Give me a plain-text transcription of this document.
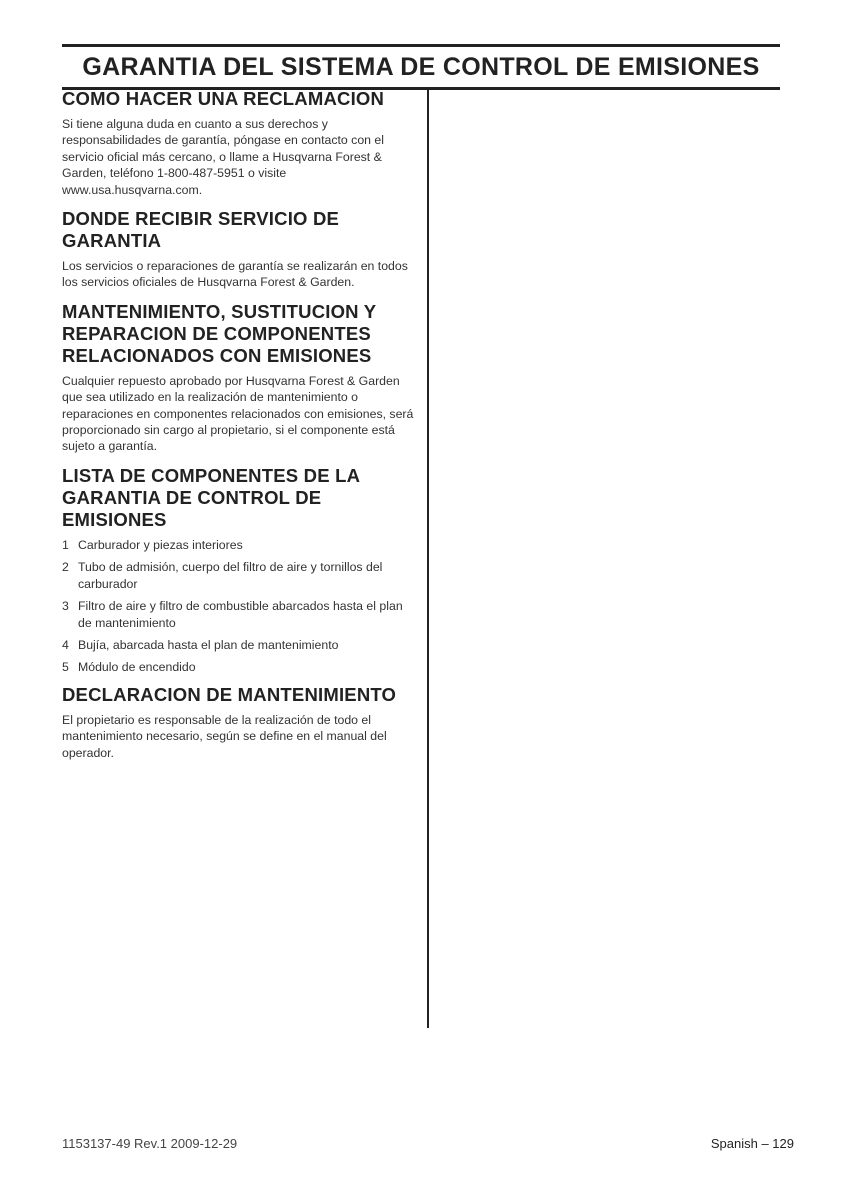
GARANTIA DEL SISTEMA DE CONTROL DE EMISIONES
COMO HACER UNA RECLAMACION

Si tiene alguna duda en cuanto a sus derechos y responsabilidades de garantía, póngase en contacto con el servicio oficial más cercano, o llame a Husqvarna Forest & Garden, teléfono 1-800-487-5951 o visite www.usa.husqvarna.com.

DONDE RECIBIR SERVICIO DE GARANTIA

Los servicios o reparaciones de garantía se realizarán en todos los servicios oficiales de Husqvarna Forest & Garden.

MANTENIMIENTO, SUSTITUCION Y REPARACION DE COMPONENTES RELACIONADOS CON EMISIONES

Cualquier repuesto aprobado por Husqvarna Forest & Garden que sea utilizado en la realización de mantenimiento o reparaciones en componentes relacionados con emisiones, será proporcionado sin cargo al propietario, si el componente está sujeto a garantía.

LISTA DE COMPONENTES DE LA GARANTIA DE CONTROL DE EMISIONES
1 Carburador y piezas interiores
2 Tubo de admisión, cuerpo del filtro de aire y tornillos del carburador
3 Filtro de aire y filtro de combustible abarcados hasta el plan de mantenimiento
4 Bujía, abarcada hasta el plan de mantenimiento
5 Módulo de encendido
DECLARACION DE MANTENIMIENTO

El propietario es responsable de la realización de todo el mantenimiento necesario, según se define en el manual del operador.

1153137-49 Rev.1 2009-12-29	Spanish – 129
